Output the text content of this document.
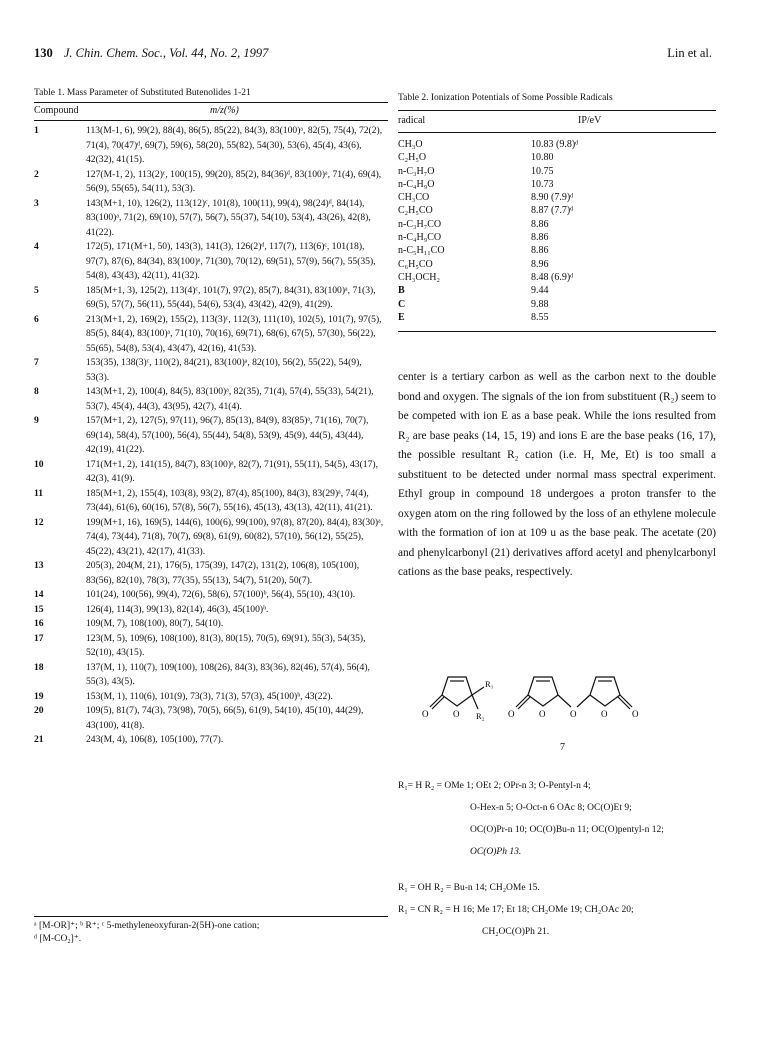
130 J. Chin. Chem. Soc., Vol. 44, No. 2, 1997	Lin et al.
Table 1. Mass Parameter of Substituted Butenolides 1-21
Compound	m/z(%)
1	113(M-1, 6), 99(2), 88(4), 86(5), 85(22), 84(3), 83(100)ᵃ, 82(5), 75(4), 72(2), 71(4), 70(47)ᵈ, 69(7), 59(6), 58(20), 55(82), 54(30), 53(6), 45(4), 43(6), 42(32), 41(15).
2	127(M-1, 2), 113(2)ᶜ, 100(15), 99(20), 85(2), 84(36)ᵈ, 83(100)ᵃ, 71(4), 69(4), 56(9), 55(65), 54(11), 53(3).
3	143(M+1, 10), 126(2), 113(12)ᶜ, 101(8), 100(11), 99(4), 98(24)ᵈ, 84(14), 83(100)ᵃ, 71(2), 69(10), 57(7), 56(7), 55(37), 54(10), 53(4), 43(26), 42(8), 41(22).
4	172(5), 171(M+1, 50), 143(3), 141(3), 126(2)ᵈ, 117(7), 113(6)ᶜ, 101(18), 97(7), 87(6), 84(34), 83(100)ᵃ, 71(30), 70(12), 69(51), 57(9), 56(7), 55(35), 54(8), 43(43), 42(11), 41(32).
5	185(M+1, 3), 125(2), 113(4)ᶜ, 101(7), 97(2), 85(7), 84(31), 83(100)ᵃ, 71(3), 69(5), 57(7), 56(11), 55(44), 54(6), 53(4), 43(42), 42(9), 41(29).
6	213(M+1, 2), 169(2), 155(2), 113(3)ᶜ, 112(3), 111(10), 102(5), 101(7), 97(5), 85(5), 84(4), 83(100)ᵃ, 71(10), 70(16), 69(71), 68(6), 67(5), 57(30), 56(22), 55(65), 54(8), 53(4), 43(47), 42(16), 41(53).
7	153(35), 138(3)ᶜ, 110(2), 84(21), 83(100)ᵃ, 82(10), 56(2), 55(22), 54(9), 53(3).
8	143(M+1, 2), 100(4), 84(5), 83(100)ᵃ, 82(35), 71(4), 57(4), 55(33), 54(21), 53(7), 45(4), 44(3), 43(95), 42(7), 41(4).
9	157(M+1, 2), 127(5), 97(11), 96(7), 85(13), 84(9), 83(85)ᵃ, 71(16), 70(7), 69(14), 58(4), 57(100), 56(4), 55(44), 54(8), 53(9), 45(9), 44(5), 43(44), 42(19), 41(22).
10	171(M+1, 2), 141(15), 84(7), 83(100)ᵃ, 82(7), 71(91), 55(11), 54(5), 43(17), 42(3), 41(9).
11	185(M+1, 2), 155(4), 103(8), 93(2), 87(4), 85(100), 84(3), 83(29)ᵃ, 74(4), 73(44), 61(6), 60(16), 57(8), 56(7), 55(16), 45(13), 43(13), 42(11), 41(21).
12	199(M+1, 16), 169(5), 144(6), 100(6), 99(100), 97(8), 87(20), 84(4), 83(30)ᵃ, 74(4), 73(44), 71(8), 70(7), 69(8), 61(9), 60(82), 57(10), 56(12), 55(25), 45(22), 43(21), 42(17), 41(33).
13	205(3), 204(M, 21), 176(5), 175(39), 147(2), 131(2), 106(8), 105(100), 83(56), 82(10), 78(3), 77(35), 55(13), 54(7), 51(20), 50(7).
14	101(24), 100(56), 99(4), 72(6), 58(6), 57(100)ᵇ, 56(4), 55(10), 43(10).
15	126(4), 114(3), 99(13), 82(14), 46(3), 45(100)ᵇ.
16	109(M, 7), 108(100), 80(7), 54(10).
17	123(M, 5), 109(6), 108(100), 81(3), 80(15), 70(5), 69(91), 55(3), 54(35), 52(10), 43(15).
18	137(M, 1), 110(7), 109(100), 108(26), 84(3), 83(36), 82(46), 57(4), 56(4), 55(3), 43(5).
19	153(M, 1), 110(6), 101(9), 73(3), 71(3), 57(3), 45(100)ᵇ, 43(22).
20	109(5), 81(7), 74(3), 73(98), 70(5), 66(5), 61(9), 54(10), 45(10), 44(29), 43(100), 41(8).
21	243(M, 4), 106(8), 105(100), 77(7).
ᵃ [M-OR]⁺; ᵇ R⁺; ᶜ 5-methyleneoxyfuran-2(5H)-one cation;
ᵈ [M-CO₂]⁺.
Table 2. Ionization Potentials of Some Possible Radicals
radical	IP/eV
CH₃O	10.83 (9.8)ᵈ
C₂H₅O	10.80
n-C₃H₇O	10.75
n-C₄H₉O	10.73
CH₃CO	8.90 (7.9)ᵈ
C₂H₅CO	8.87 (7.7)ᵈ
n-C₃H₇CO	8.86
n-C₄H₉CO	8.86
n-C₅H₁₁CO	8.86
C₆H₅CO	8.96
CH₃OCH₂	8.48 (6.9)ᵈ
B	9.44
C	9.88
E	8.55
center is a tertiary carbon as well as the carbon next to the double bond and oxygen. The signals of the ion from substituent (R₂) seem to be competed with ion E as a base peak. While the ions resulted from R₂ are base peaks (14, 15, 19) and ions E are the base peaks (16, 17), the possible resultant R₂ cation (i.e. H, Me, Et) is too small a substituent to be detected under normal mass spectral experiment. Ethyl group in compound 18 undergoes a proton transfer to the oxygen atom on the ring followed by the loss of an ethylene molecule with the formation of ion at 109 u as the base peak. The acetate (20) and phenylcarbonyl (21) derivatives afford acetyl and phenylcarbonyl cations as the base peaks, respectively.
O	O
R₁
R₂	O	O	O	O	O
7
R₁= H R₂ = OMe 1; OEt 2; OPr-n 3; O-Pentyl-n 4;
O-Hex-n 5; O-Oct-n 6 OAc 8; OC(O)Et 9;
OC(O)Pr-n 10; OC(O)Bu-n 11; OC(O)pentyl-n 12;
OC(O)Ph 13.
R₁ = OH R₂ = Bu-n 14; CH₂OMe 15.
R₁ = CN R₂ = H 16; Me 17; Et 18; CH₂OMe 19; CH₂OAc 20;
CH₂OC(O)Ph 21.
